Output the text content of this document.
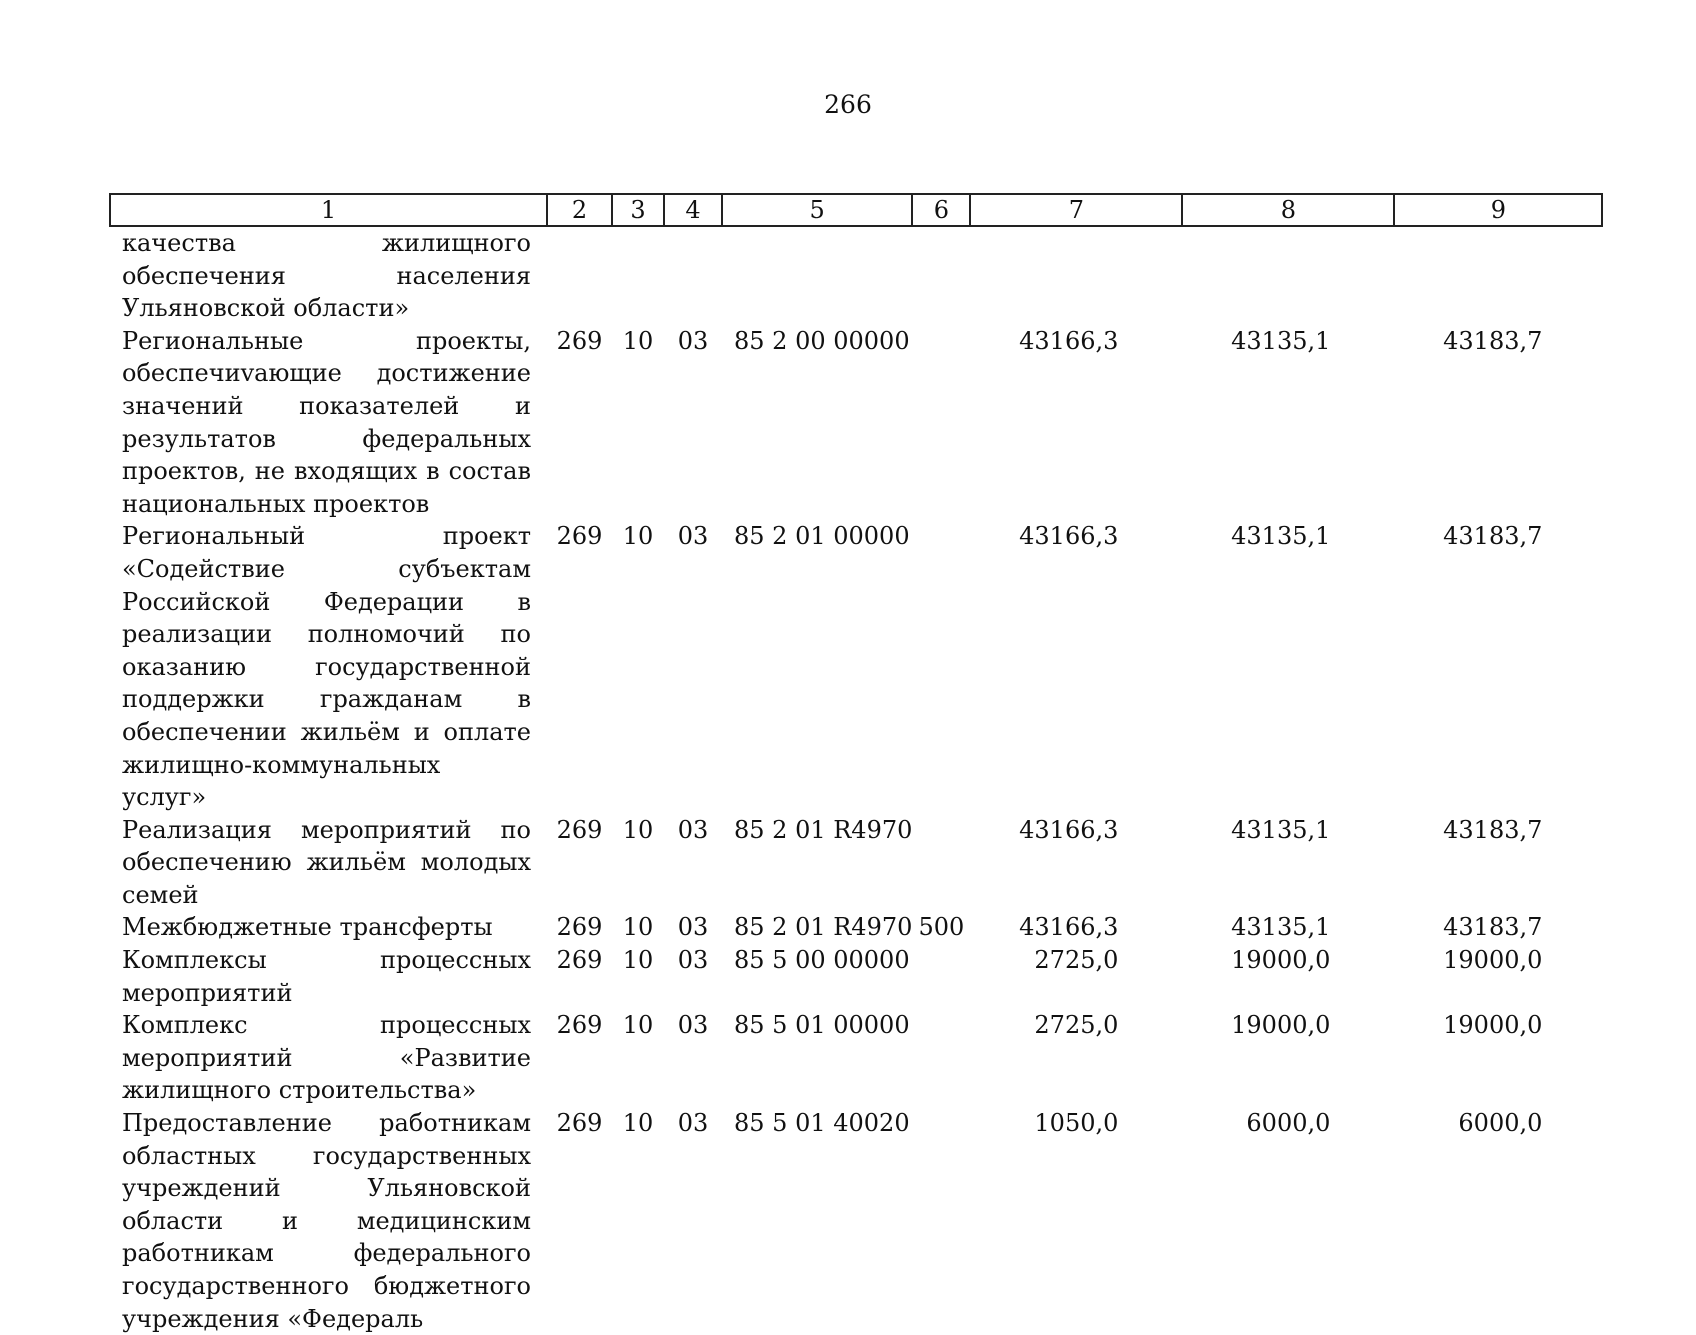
266
1	2	3	4	5	6	7	8	9
качества жилищного обеспечения населения Ульяновской области»								
Региональные проекты, обеспечиvающие достижение значений показателей и результатов федеральных проектов, не входящих в состав национальных проектов	269	10	03	85 2 00 00000		43166,3	43135,1	43183,7
Региональный проект «Содействие субъектам Российской Федерации в реализации полномочий по оказанию государственной поддержки гражданам в обеспечении жильём и оплате жилищно-коммунальных услуг»	269	10	03	85 2 01 00000		43166,3	43135,1	43183,7
Реализация мероприятий по обеспечению жильём молодых семей	269	10	03	85 2 01 R4970		43166,3	43135,1	43183,7
Межбюджетные трансферты	269	10	03	85 2 01 R4970	500	43166,3	43135,1	43183,7
Комплексы процессных мероприятий	269	10	03	85 5 00 00000		2725,0	19000,0	19000,0
Комплекс процессных мероприятий «Развитие жилищного строительства»	269	10	03	85 5 01 00000		2725,0	19000,0	19000,0
Предоставление работникам областных государственных учреждений Ульяновской области и медицинским работникам федерального государственного бюджетного учреждения «Федераль	269	10	03	85 5 01 40020		1050,0	6000,0	6000,0
